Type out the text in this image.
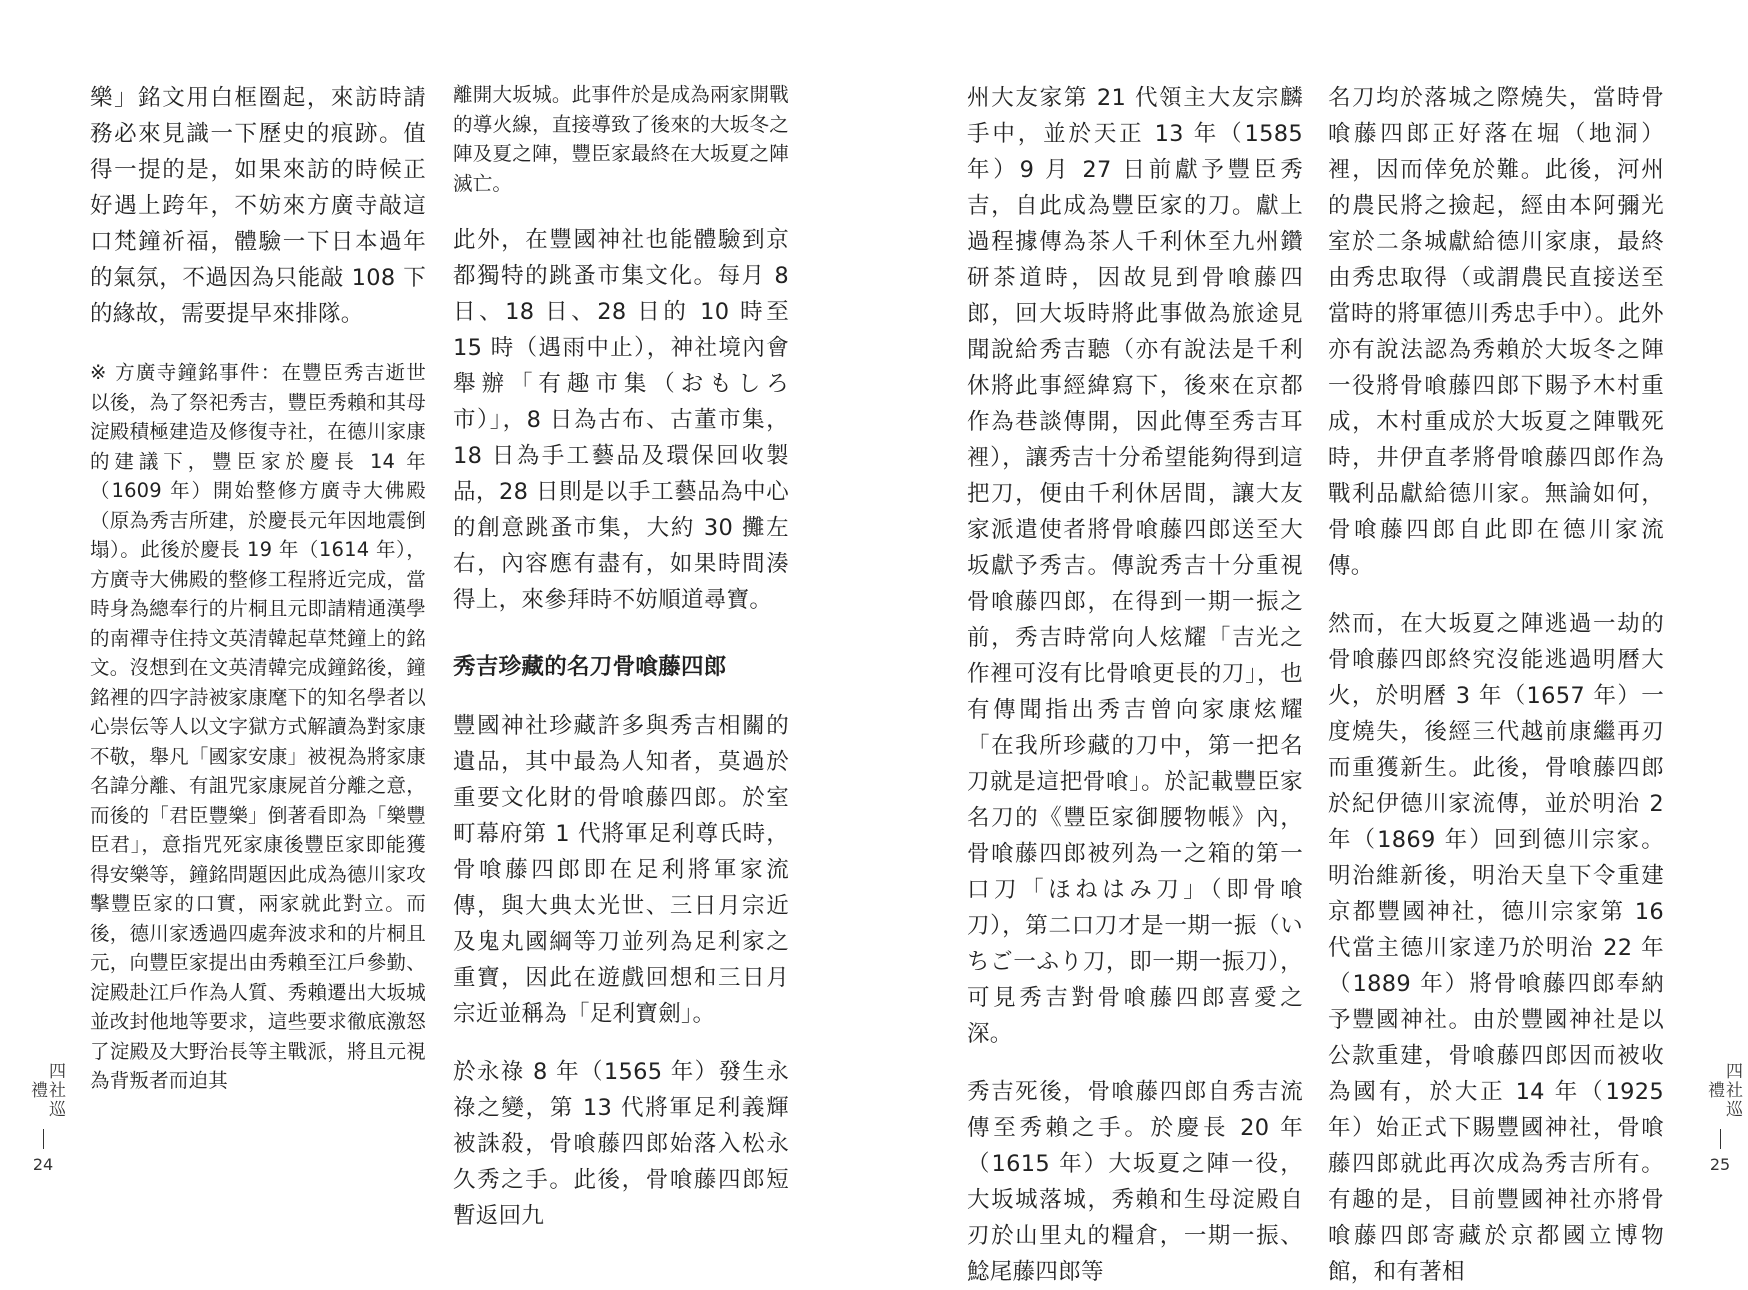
四社巡禮
24

樂」銘文用白框圈起，來訪時請務必來見識一下歷史的痕跡。值得一提的是，如果來訪的時候正好遇上跨年，不妨來方廣寺敲這口梵鐘祈福，體驗一下日本過年的氣氛，不過因為只能敲 108 下的緣故，需要提早來排隊。

※ 方廣寺鐘銘事件：在豐臣秀吉逝世以後，為了祭祀秀吉，豐臣秀賴和其母淀殿積極建造及修復寺社，在德川家康的建議下，豐臣家於慶長 14 年（1609 年）開始整修方廣寺大佛殿（原為秀吉所建，於慶長元年因地震倒塌）。此後於慶長 19 年（1614 年），方廣寺大佛殿的整修工程將近完成，當時身為總奉行的片桐且元即請精通漢學的南禪寺住持文英清韓起草梵鐘上的銘文。沒想到在文英清韓完成鐘銘後，鐘銘裡的四字詩被家康麾下的知名學者以心崇伝等人以文字獄方式解讀為對家康不敬，舉凡「國家安康」被視為將家康名諱分離、有詛咒家康屍首分離之意，而後的「君臣豐樂」倒著看即為「樂豐臣君」，意指咒死家康後豐臣家即能獲得安樂等，鐘銘問題因此成為德川家攻擊豐臣家的口實，兩家就此對立。而後，德川家透過四處奔波求和的片桐且元，向豐臣家提出由秀賴至江戶參勤、淀殿赴江戶作為人質、秀賴遷出大坂城並改封他地等要求，這些要求徹底激怒了淀殿及大野治長等主戰派，將且元視為背叛者而迫其

離開大坂城。此事件於是成為兩家開戰的導火線，直接導致了後來的大坂冬之陣及夏之陣，豐臣家最終在大坂夏之陣滅亡。

此外，在豐國神社也能體驗到京都獨特的跳蚤市集文化。每月 8 日、18 日、28 日的 10 時至 15 時（遇雨中止），神社境內會舉辦「有趣市集（おもしろ市）」，8 日為古布、古董市集，18 日為手工藝品及環保回收製品，28 日則是以手工藝品為中心的創意跳蚤市集，大約 30 攤左右，內容應有盡有，如果時間湊得上，來參拜時不妨順道尋寶。

秀吉珍藏的名刀骨喰藤四郎

豐國神社珍藏許多與秀吉相關的遺品，其中最為人知者，莫過於重要文化財的骨喰藤四郎。於室町幕府第 1 代將軍足利尊氏時，骨喰藤四郎即在足利將軍家流傳，與大典太光世、三日月宗近及鬼丸國綱等刀並列為足利家之重寶，因此在遊戲回想和三日月宗近並稱為「足利寶劍」。

於永祿 8 年（1565 年）發生永祿之變，第 13 代將軍足利義輝被誅殺，骨喰藤四郎始落入松永久秀之手。此後，骨喰藤四郎短暫返回九

州大友家第 21 代領主大友宗麟手中，並於天正 13 年（1585 年）9 月 27 日前獻予豐臣秀吉，自此成為豐臣家的刀。獻上過程據傳為茶人千利休至九州鑽研茶道時，因故見到骨喰藤四郎，回大坂時將此事做為旅途見聞說給秀吉聽（亦有說法是千利休將此事經緯寫下，後來在京都作為巷談傳開，因此傳至秀吉耳裡），讓秀吉十分希望能夠得到這把刀，便由千利休居間，讓大友家派遣使者將骨喰藤四郎送至大坂獻予秀吉。傳說秀吉十分重視骨喰藤四郎，在得到一期一振之前，秀吉時常向人炫耀「吉光之作裡可沒有比骨喰更長的刀」，也有傳聞指出秀吉曾向家康炫耀「在我所珍藏的刀中，第一把名刀就是這把骨喰」。於記載豐臣家名刀的《豐臣家御腰物帳》內，骨喰藤四郎被列為一之箱的第一口刀「ほねはみ刀」（即骨喰刀），第二口刀才是一期一振（いちご一ふり刀，即一期一振刀），可見秀吉對骨喰藤四郎喜愛之深。

秀吉死後，骨喰藤四郎自秀吉流傳至秀賴之手。於慶長 20 年（1615 年）大坂夏之陣一役，大坂城落城，秀賴和生母淀殿自刃於山里丸的糧倉，一期一振、鯰尾藤四郎等

名刀均於落城之際燒失，當時骨喰藤四郎正好落在堀（地洞）裡，因而倖免於難。此後，河州的農民將之撿起，經由本阿彌光室於二条城獻給德川家康，最終由秀忠取得（或謂農民直接送至當時的將軍德川秀忠手中）。此外亦有說法認為秀賴於大坂冬之陣一役將骨喰藤四郎下賜予木村重成，木村重成於大坂夏之陣戰死時，井伊直孝將骨喰藤四郎作為戰利品獻給德川家。無論如何，骨喰藤四郎自此即在德川家流傳。

然而，在大坂夏之陣逃過一劫的骨喰藤四郎終究沒能逃過明曆大火，於明曆 3 年（1657 年）一度燒失，後經三代越前康繼再刃而重獲新生。此後，骨喰藤四郎於紀伊德川家流傳，並於明治 2 年（1869 年）回到德川宗家。明治維新後，明治天皇下令重建京都豐國神社，德川宗家第 16 代當主德川家達乃於明治 22 年（1889 年）將骨喰藤四郎奉納予豐國神社。由於豐國神社是以公款重建，骨喰藤四郎因而被收為國有，於大正 14 年（1925 年）始正式下賜豐國神社，骨喰藤四郎就此再次成為秀吉所有。有趣的是，目前豐國神社亦將骨喰藤四郎寄藏於京都國立博物館，和有著相

四社巡禮
25
